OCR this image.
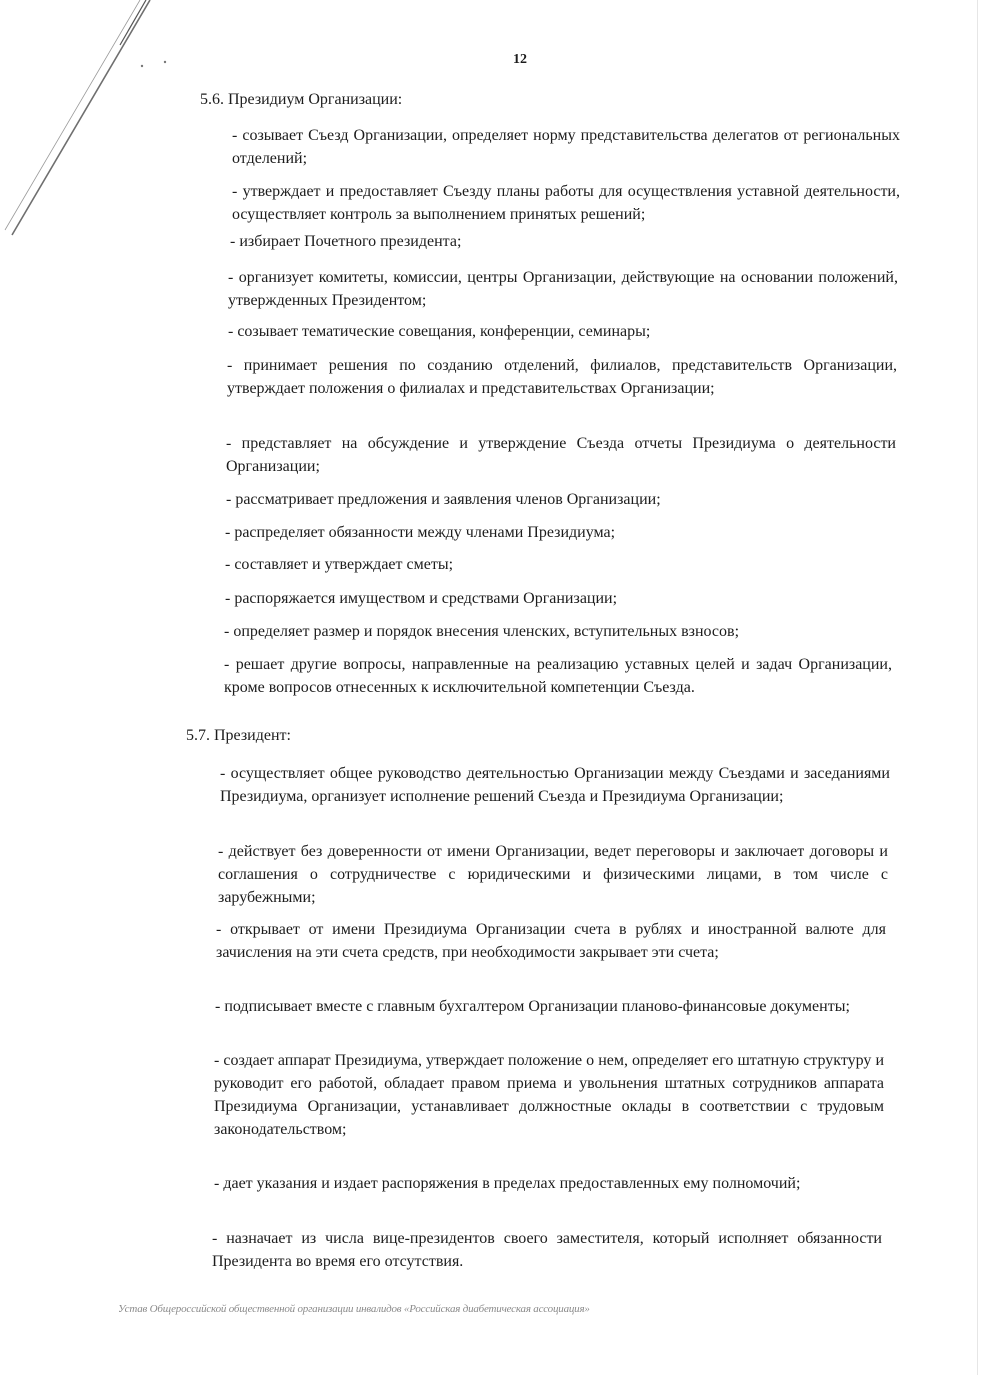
12
5.6. Президиум Организации:
- созывает Съезд Организации, определяет норму представительства делегатов от региональных отделений;
- утверждает и предоставляет Съезду планы работы для осуществления уставной деятельности, осуществляет контроль за выполнением принятых решений;
- избирает Почетного президента;
- организует комитеты, комиссии, центры Организации, действующие на основании положений, утвержденных Президентом;
- созывает тематические совещания, конференции, семинары;
- принимает решения по созданию отделений, филиалов, представительств Организации, утверждает положения о филиалах и представительствах Организации;
- представляет на обсуждение и утверждение Съезда отчеты Президиума о деятельности Организации;
- рассматривает предложения и заявления членов Организации;
- распределяет обязанности между членами Президиума;
- составляет и утверждает сметы;
- распоряжается имуществом и средствами Организации;
- определяет размер и порядок внесения членских, вступительных взносов;
- решает другие вопросы, направленные на реализацию уставных целей и задач Организации, кроме вопросов отнесенных к исключительной компетенции Съезда.
5.7. Президент:
- осуществляет общее руководство деятельностью Организации между Съездами и заседаниями Президиума, организует исполнение решений Съезда и Президиума Организации;
- действует без доверенности от имени Организации, ведет переговоры и заключает договоры и соглашения о сотрудничестве с юридическими и физическими лицами, в том числе с зарубежными;
- открывает от имени Президиума Организации счета в рублях и иностранной валюте для зачисления на эти счета средств, при необходимости закрывает эти счета;
- подписывает вместе с главным бухгалтером Организации планово-финансовые документы;
- создает аппарат Президиума, утверждает положение о нем, определяет его штатную структуру и руководит его работой, обладает правом приема и увольнения штатных сотрудников аппарата Президиума Организации, устанавливает должностные оклады в соответствии с трудовым законодательством;
- дает указания и издает распоряжения в пределах предоставленных ему полномочий;
- назначает из числа вице-президентов своего заместителя, который исполняет обязанности Президента во время его отсутствия.
Устав Общероссийской общественной организации инвалидов «Российская диабетическая ассоциация»
